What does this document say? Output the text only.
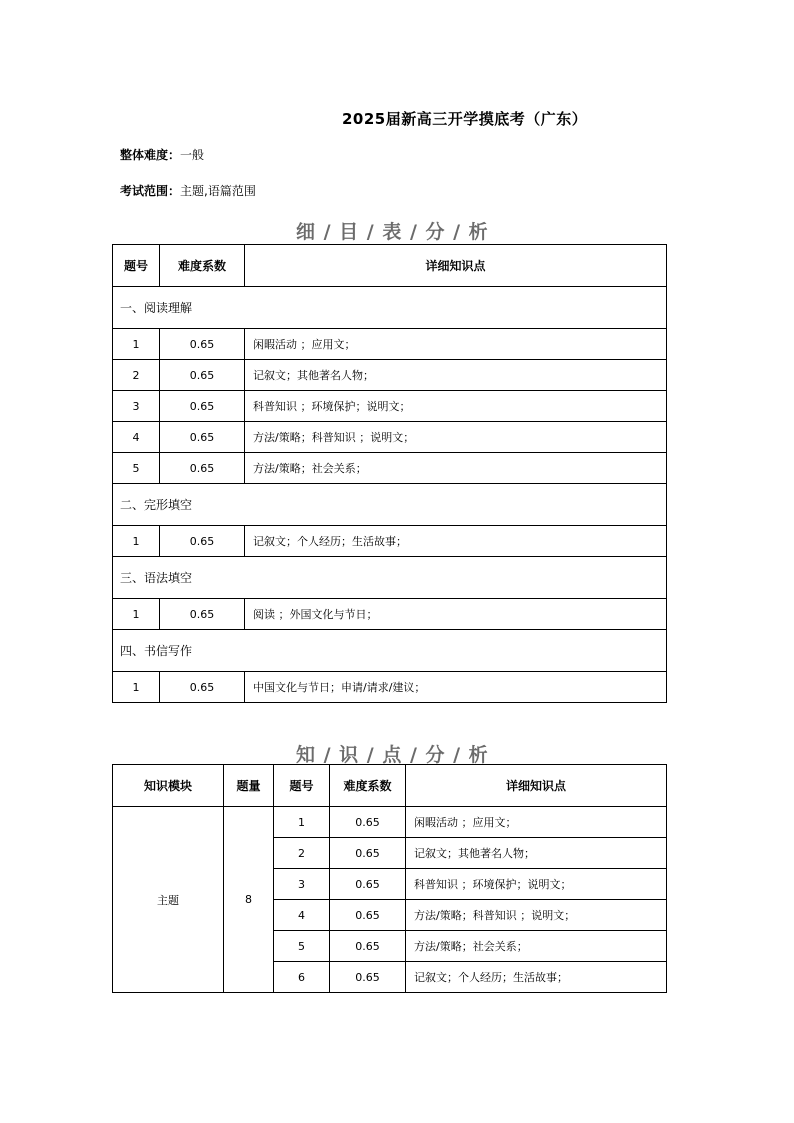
2025届新高三开学摸底考（广东）
整体难度：一般
考试范围：主题,语篇范围
细 / 目 / 表 / 分 / 析
题号	难度系数	详细知识点
一、阅读理解		
1	0.65	闲暇活动 ；应用文；
2	0.65	记叙文；其他著名人物；
3	0.65	科普知识 ；环境保护；说明文；
4	0.65	方法/策略；科普知识 ；说明文；
5	0.65	方法/策略；社会关系；
二、完形填空		
1	0.65	记叙文；个人经历；生活故事；
三、语法填空		
1	0.65	阅读 ；外国文化与节日；
四、书信写作		
1	0.65	中国文化与节日；申请/请求/建议；
知 / 识 / 点 / 分 / 析
知识模块	题量	题号	难度系数	详细知识点
主题	8	1	0.65	闲暇活动 ；应用文；
		2	0.65	记叙文；其他著名人物；
		3	0.65	科普知识 ；环境保护；说明文；
		4	0.65	方法/策略；科普知识 ；说明文；
		5	0.65	方法/策略；社会关系；
		6	0.65	记叙文；个人经历；生活故事；
